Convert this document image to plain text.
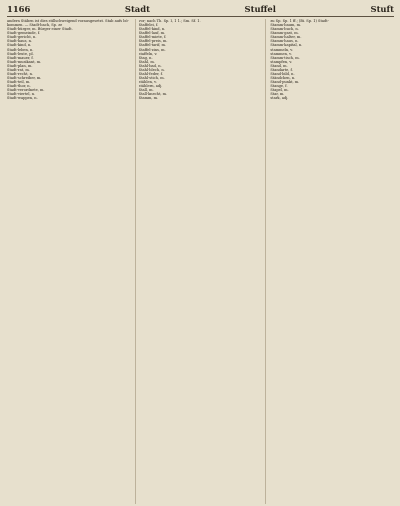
1166	Stadt	Stuffel	Stuft
andern Stäben ist dies stillschweigend vorausgesetzt. Stab aufs bö-
kommen. — Stadt-bach, Sp. ze
Stadt-bürger, m. Bürger einer Stadt.
Stadt-gemeinde, f.
Stadt-gericht, n.
Stadt-haus, n.
Stadt-kind, n.
Stadt-leben, n.
Stadt-leute, pl.
Stadt-mauer, f.
Stadt-musikant, m.
Stadt-plan, m.
Stadt-rat, m.
Stadt-recht, n.
Stadt-schreiber, m.
Stadt-teil, m.
Stadt-thor, n.
Stadt-verordnete, m.
Stadt-viertel, n.
Stadt-wappen, n.
vor; nach Th. Sp. I, 1 1.; Sm. Sf. 1.
Staffelei, f.
Staffel-kind, n.
Staffel-lauf, m.
Staffel-miete, f.
Staffel-preis, m.
Staffel-tarif, m.
Staffel-zins, m.
staffeln, v.
Stag, n.
Stahl, m.
Stahl-bad, n.
Stahl-blech, n.
Stahl-feder, f.
Stahl-stich, m.
stählen, v.
stählern, adj.
Stall, m.
Stall-knecht, m.
Stamm, m.
zu Sp. Sp. 1 ff.; (Bi. Sp. 1) Stadt-
Stamm-baum, m.
Stamm-buch, n.
Stamm-gast, m.
Stamm-halter, m.
Stamm-haus, n.
Stamm-kapital, n.
stammeln, v.
stammen, v.
Stamm-tisch, m.
stampfen, v.
Stand, m.
Standarte, f.
Stand-bild, n.
Ständchen, n.
Stand-punkt, m.
Stange, f.
Stapel, m.
Star, m.
stark, adj.
